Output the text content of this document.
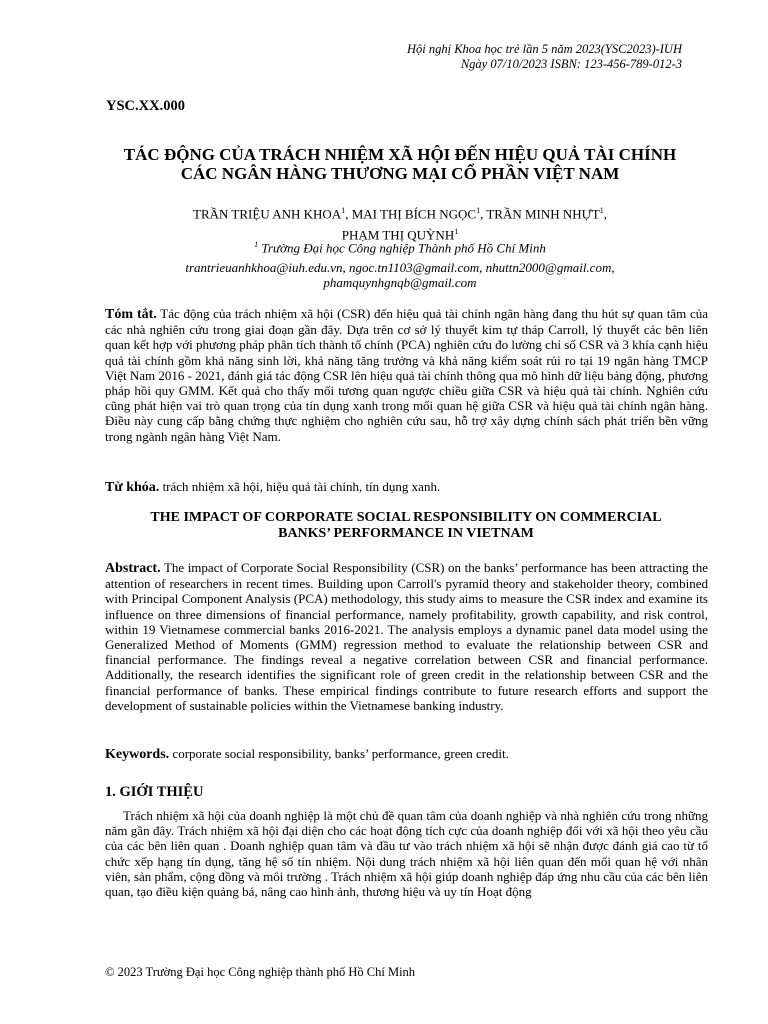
Hội nghị Khoa học trẻ lần 5 năm 2023(YSC2023)-IUH
Ngày 07/10/2023 ISBN: 123-456-789-012-3
YSC.XX.000
TÁC ĐỘNG CỦA TRÁCH NHIỆM XÃ HỘI ĐẾN HIỆU QUẢ TÀI CHÍNH
CÁC NGÂN HÀNG THƯƠNG MẠI CỔ PHẦN VIỆT NAM
TRẦN TRIỆU ANH KHOA$^1$, MAI THỊ BÍCH NGỌC$^1$, TRẦN MINH NHỰT$^1$,
PHẠM THỊ QUỲNH$^1$
$^1$ Trường Đại học Công nghiệp Thành phố Hồ Chí Minh
trantrieuanhkhoa@iuh.edu.vn, ngoc.tn1103@gmail.com, nhuttn2000@gmail.com,
phamquynhgnqb@gmail.com
Tóm tắt. Tác động của trách nhiệm xã hội (CSR) đến hiệu quả tài chính ngân hàng đang thu hút sự quan tâm của các nhà nghiên cứu trong giai đoạn gần đây. Dựa trên cơ sở lý thuyết kim tự tháp Carroll, lý thuyết các bên liên quan kết hợp với phương pháp phân tích thành tố chính (PCA) nghiên cứu đo lường chỉ số CSR và 3 khía cạnh hiệu quả tài chính gồm khả năng sinh lời, khả năng tăng trưởng và khả năng kiểm soát rủi ro tại 19 ngân hàng TMCP Việt Nam 2016 - 2021, đánh giá tác động CSR lên hiệu quả tài chính thông qua mô hình dữ liệu bảng động, phương pháp hồi quy GMM. Kết quả cho thấy mối tương quan ngược chiều giữa CSR và hiệu quả tài chính. Nghiên cứu cũng phát hiện vai trò quan trọng của tín dụng xanh trong mối quan hệ giữa CSR và hiệu quả tài chính ngân hàng. Điều này cung cấp bằng chứng thực nghiệm cho nghiên cứu sau, hỗ trợ xây dựng chính sách phát triển bền vững trong ngành ngân hàng Việt Nam.
Từ khóa. trách nhiệm xã hội, hiệu quả tài chính, tín dụng xanh.
THE IMPACT OF CORPORATE SOCIAL RESPONSIBILITY ON COMMERCIAL
BANKS’ PERFORMANCE IN VIETNAM
Abstract. The impact of Corporate Social Responsibility (CSR) on the banks’ performance has been attracting the attention of researchers in recent times. Building upon Carroll's pyramid theory and stakeholder theory, combined with Principal Component Analysis (PCA) methodology, this study aims to measure the CSR index and examine its influence on three dimensions of financial performance, namely profitability, growth capability, and risk control, within 19 Vietnamese commercial banks 2016-2021. The analysis employs a dynamic panel data model using the Generalized Method of Moments (GMM) regression method to evaluate the relationship between CSR and financial performance. The findings reveal a negative correlation between CSR and financial performance. Additionally, the research identifies the significant role of green credit in the relationship between CSR and the financial performance of banks. These empirical findings contribute to future research efforts and support the development of sustainable policies within the Vietnamese banking industry.
Keywords. corporate social responsibility, banks’ performance, green credit.
1. GIỚI THIỆU
Trách nhiệm xã hội của doanh nghiệp là một chủ đề quan tâm của doanh nghiệp và nhà nghiên cứu trong những năm gần đây. Trách nhiệm xã hội đại diện cho các hoạt động tích cực của doanh nghiệp đối với xã hội theo yêu cầu của các bên liên quan . Doanh nghiệp quan tâm và đầu tư vào trách nhiệm xã hội sẽ nhận được đánh giá cao từ tổ chức xếp hạng tín dụng, tăng hệ số tín nhiệm. Nội dung trách nhiệm xã hội liên quan đến mối quan hệ với nhân viên, sản phẩm, cộng đồng và môi trường . Trách nhiệm xã hội giúp doanh nghiệp đáp ứng nhu cầu của các bên liên quan, tạo điều kiện quảng bá, nâng cao hình ảnh, thương hiệu và uy tín Hoạt động
© 2023 Trường Đại học Công nghiệp thành phố Hồ Chí Minh
